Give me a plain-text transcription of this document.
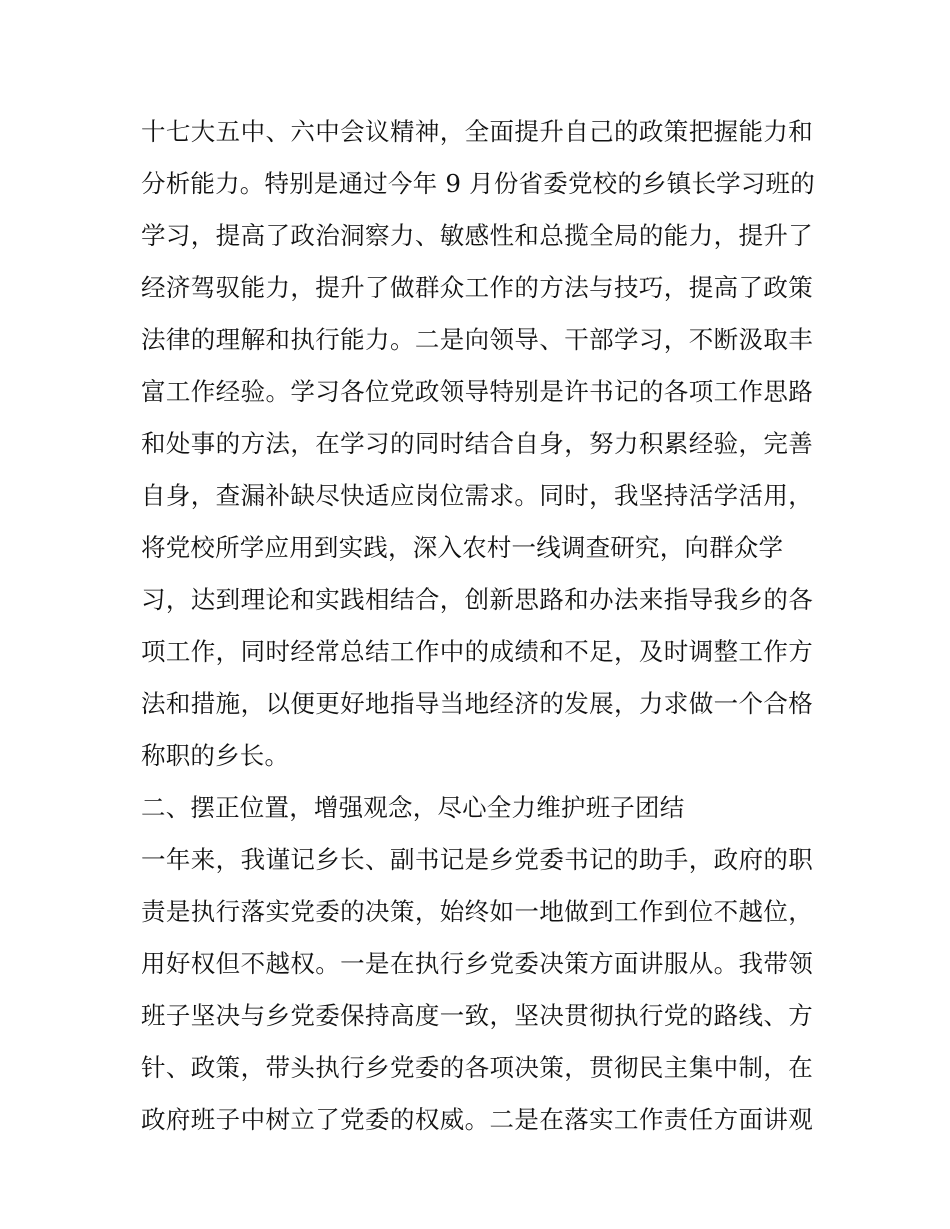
十七大五中、六中会议精神，全面提升自己的政策把握能力和
分析能力。特别是通过今年 9 月份省委党校的乡镇长学习班的
学习，提高了政治洞察力、敏感性和总揽全局的能力，提升了
经济驾驭能力，提升了做群众工作的方法与技巧，提高了政策
法律的理解和执行能力。二是向领导、干部学习，不断汲取丰
富工作经验。学习各位党政领导特别是许书记的各项工作思路
和处事的方法，在学习的同时结合自身，努力积累经验，完善
自身，查漏补缺尽快适应岗位需求。同时，我坚持活学活用，
将党校所学应用到实践，深入农村一线调查研究，向群众学
习，达到理论和实践相结合，创新思路和办法来指导我乡的各
项工作，同时经常总结工作中的成绩和不足，及时调整工作方
法和措施，以便更好地指导当地经济的发展，力求做一个合格
称职的乡长。
二、摆正位置，增强观念，尽心全力维护班子团结
一年来，我谨记乡长、副书记是乡党委书记的助手，政府的职
责是执行落实党委的决策，始终如一地做到工作到位不越位，
用好权但不越权。一是在执行乡党委决策方面讲服从。我带领
班子坚决与乡党委保持高度一致，坚决贯彻执行党的路线、方
针、政策，带头执行乡党委的各项决策，贯彻民主集中制，在
政府班子中树立了党委的权威。二是在落实工作责任方面讲观
